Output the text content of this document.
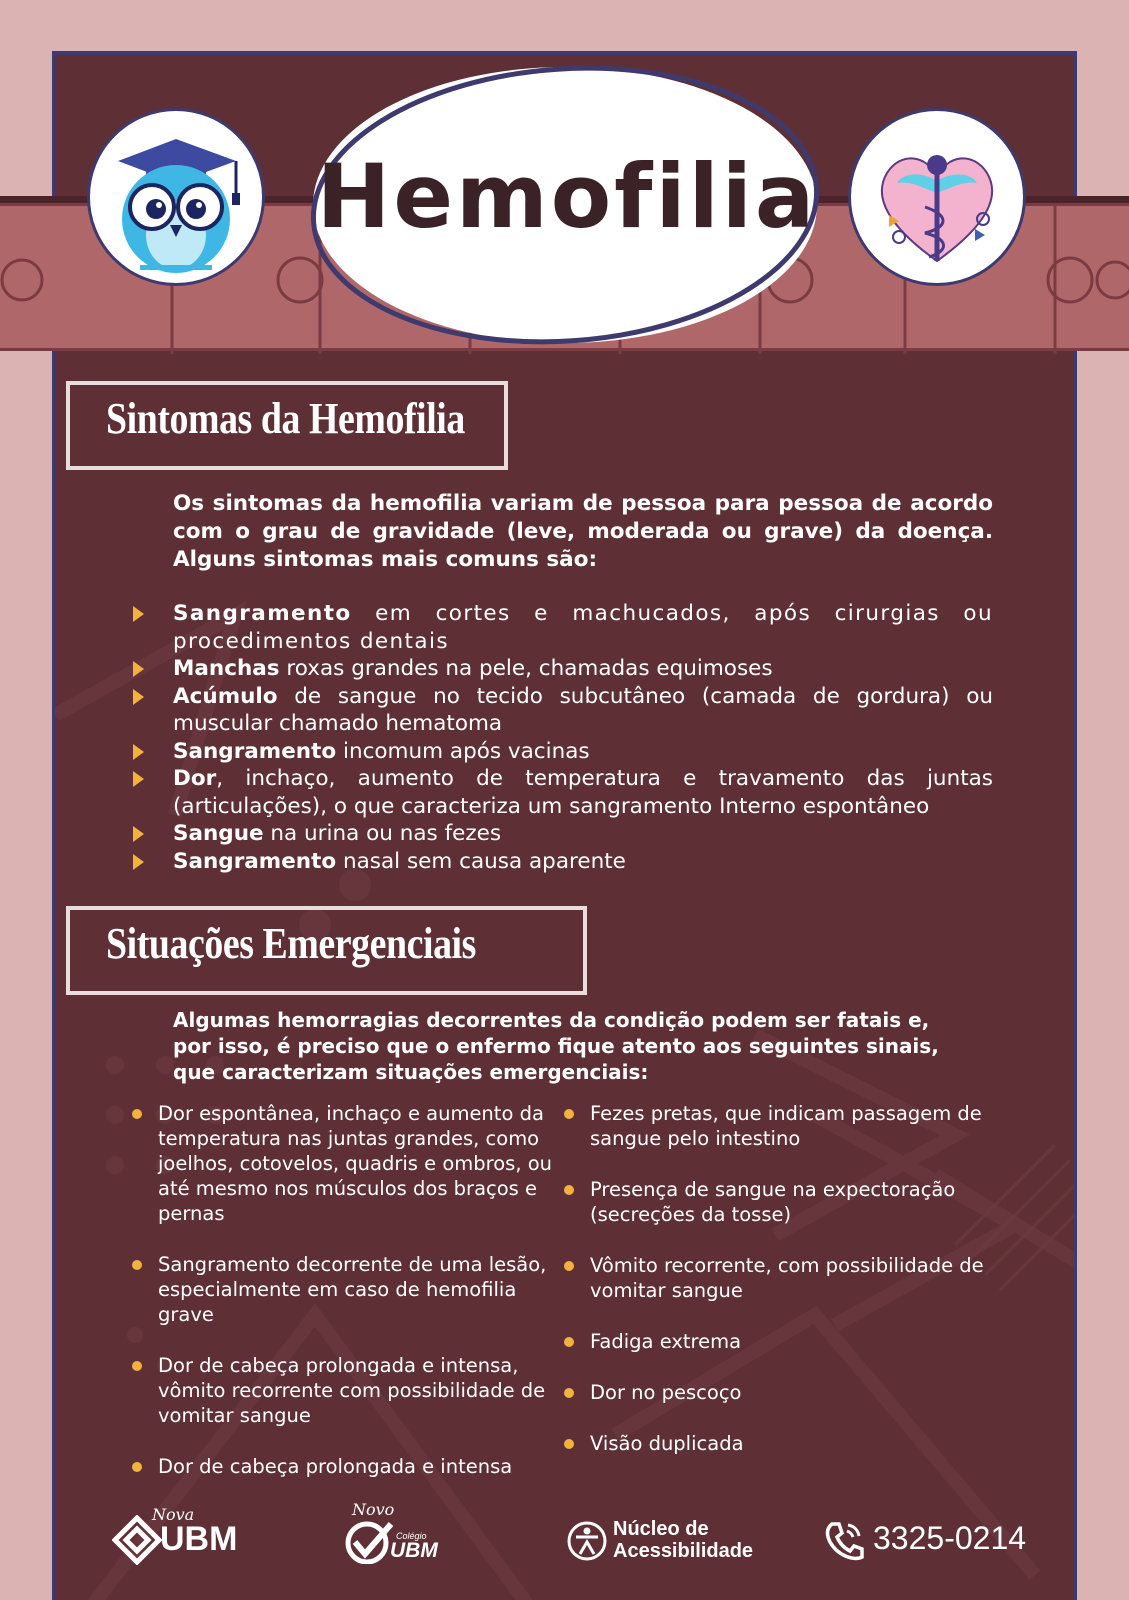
Hemofilia
Sintomas da Hemofilia
Os sintomas da hemofilia variam de pessoa para pessoa de acordo com o grau de gravidade (leve, moderada ou grave) da doença. Alguns sintomas mais comuns são:
Sangramento em cortes e machucados, após cirurgias ou procedimentos dentais
Manchas roxas grandes na pele, chamadas equimoses
Acúmulo de sangue no tecido subcutâneo (camada de gordura) ou muscular chamado hematoma
Sangramento incomum após vacinas
Dor, inchaço, aumento de temperatura e travamento das juntas (articulações), o que caracteriza um sangramento Interno espontâneo
Sangue na urina ou nas fezes
Sangramento nasal sem causa aparente
Situações Emergenciais
Algumas hemorragias decorrentes da condição podem ser fatais e, por isso, é preciso que o enfermo fique atento aos seguintes sinais, que caracterizam situações emergenciais:
Dor espontânea, inchaço e aumento da temperatura nas juntas grandes, como joelhos, cotovelos, quadris e ombros, ou até mesmo nos músculos dos braços e pernas
Sangramento decorrente de uma lesão, especialmente em caso de hemofilia grave
Dor de cabeça prolongada e intensa, vômito recorrente com possibilidade de vomitar sangue
Dor de cabeça prolongada e intensa
Fezes pretas, que indicam passagem de sangue pelo intestino
Presença de sangue na expectoração (secreções da tosse)
Vômito recorrente, com possibilidade de vomitar sangue
Fadiga extrema
Dor no pescoço
Visão duplicada
Nova
UBM
Novo
Colégio
UBM
Núcleo de
Acessibilidade	3325-0214
